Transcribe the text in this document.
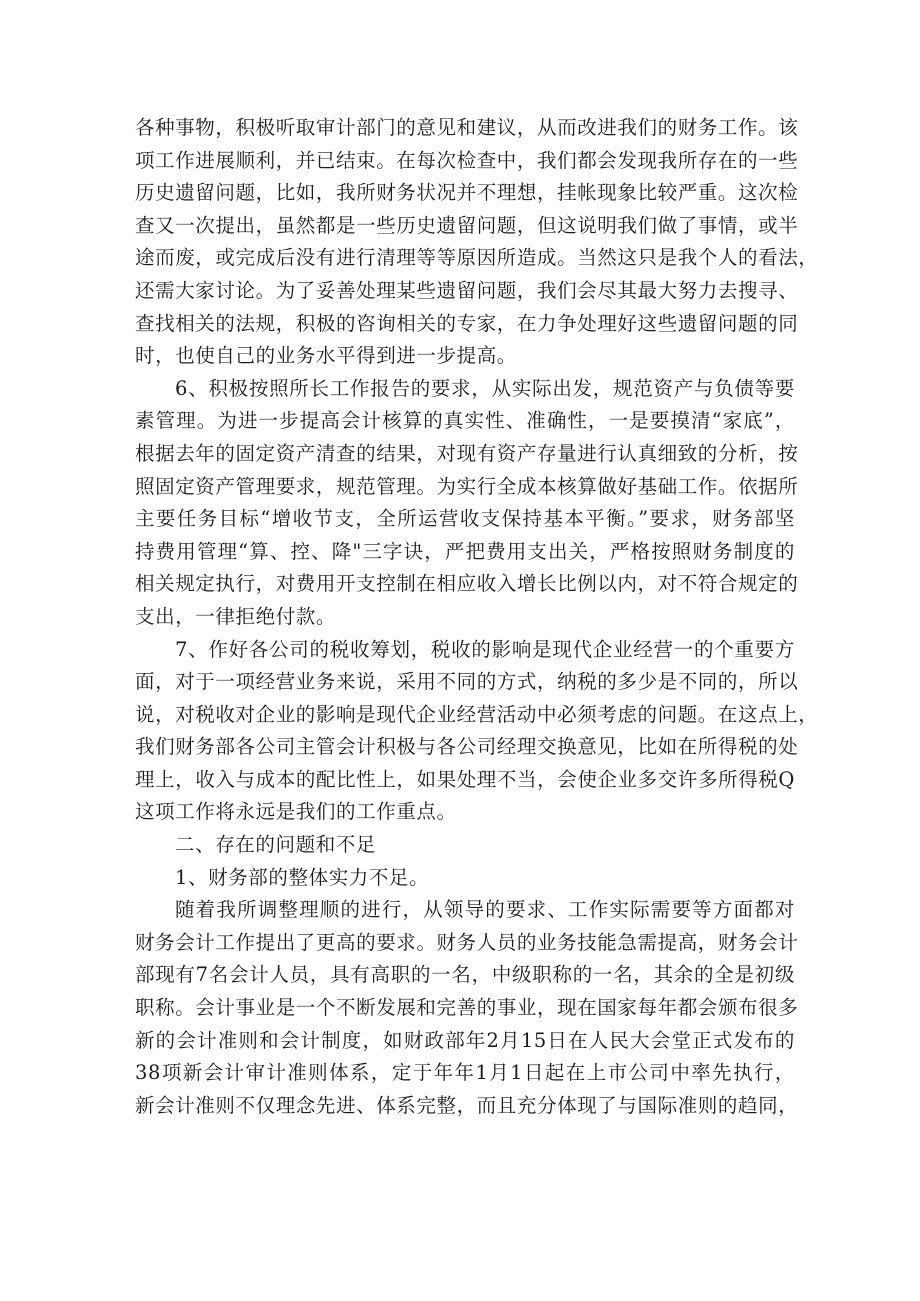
各种事物，积极听取审计部门的意见和建议，从而改进我们的财务工作。该
项工作进展顺利，并已结束。在每次检查中，我们都会发现我所存在的一些
历史遗留问题，比如，我所财务状况并不理想，挂帐现象比较严重。这次检
查又一次提出，虽然都是一些历史遗留问题，但这说明我们做了事情，或半
途而废，或完成后没有进行清理等等原因所造成。当然这只是我个人的看法，
还需大家讨论。为了妥善处理某些遗留问题，我们会尽其最大努力去搜寻、
查找相关的法规，积极的咨询相关的专家，在力争处理好这些遗留问题的同
时，也使自己的业务水平得到进一步提高。
6、积极按照所长工作报告的要求，从实际出发，规范资产与负债等要
素管理。为进一步提高会计核算的真实性、准确性，一是要摸清“家底”，
根据去年的固定资产清查的结果，对现有资产存量进行认真细致的分析，按
照固定资产管理要求，规范管理。为实行全成本核算做好基础工作。依据所
主要任务目标“增收节支，全所运营收支保持基本平衡。”要求，财务部坚
持费用管理“算、控、降"三字诀，严把费用支出关，严格按照财务制度的
相关规定执行，对费用开支控制在相应收入增长比例以内，对不符合规定的
支出，一律拒绝付款。
7、作好各公司的税收筹划，税收的影响是现代企业经营一的个重要方
面，对于一项经营业务来说，采用不同的方式，纳税的多少是不同的，所以
说，对税收对企业的影响是现代企业经营活动中必须考虑的问题。在这点上，
我们财务部各公司主管会计积极与各公司经理交换意见，比如在所得税的处
理上，收入与成本的配比性上，如果处理不当，会使企业多交许多所得税Q
这项工作将永远是我们的工作重点。
二、存在的问题和不足
1、财务部的整体实力不足。
随着我所调整理顺的进行，从领导的要求、工作实际需要等方面都对
财务会计工作提出了更高的要求。财务人员的业务技能急需提高，财务会计
部现有7名会计人员，具有高职的一名，中级职称的一名，其余的全是初级
职称。会计事业是一个不断发展和完善的事业，现在国家每年都会颁布很多
新的会计准则和会计制度，如财政部年2月15日在人民大会堂正式发布的
38项新会计审计准则体系，定于年年1月1日起在上市公司中率先执行，
新会计准则不仅理念先进、体系完整，而且充分体现了与国际准则的趋同，
